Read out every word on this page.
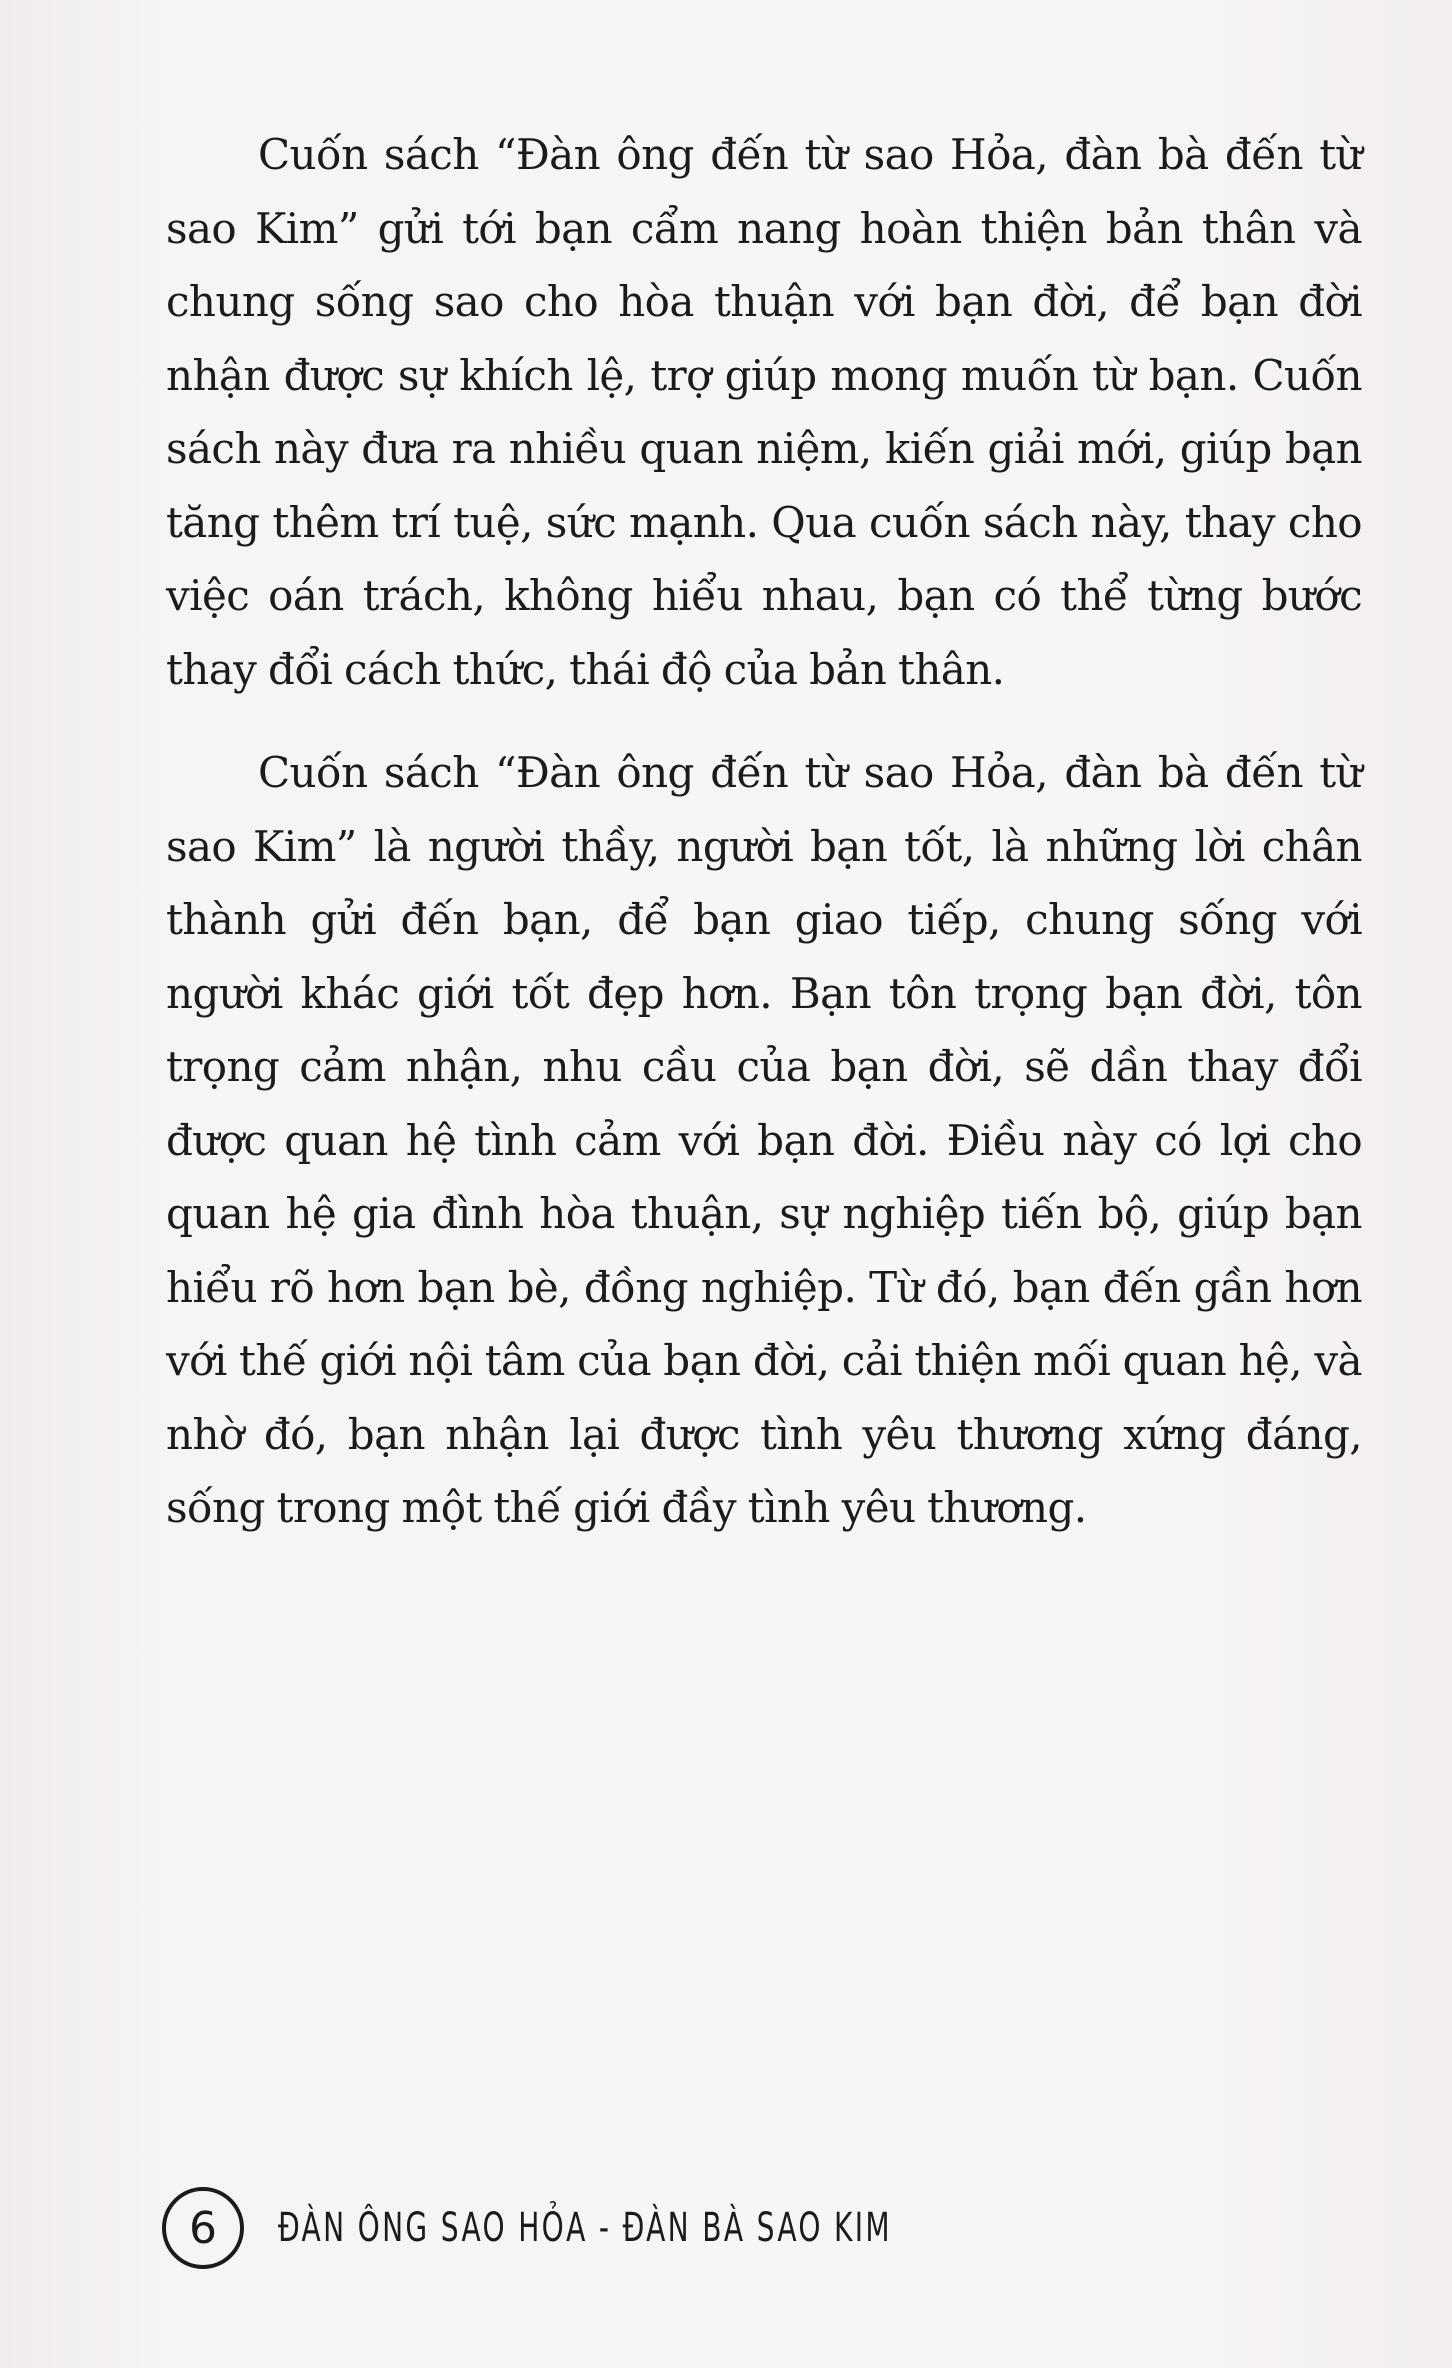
Cuốn sách “Đàn ông đến từ sao Hỏa, đàn bà đến từ sao Kim” gửi tới bạn cẩm nang hoàn thiện bản thân và chung sống sao cho hòa thuận với bạn đời, để bạn đời nhận được sự khích lệ, trợ giúp mong muốn từ bạn. Cuốn sách này đưa ra nhiều quan niệm, kiến giải mới, giúp bạn tăng thêm trí tuệ, sức mạnh. Qua cuốn sách này, thay cho việc oán trách, không hiểu nhau, bạn có thể từng bước thay đổi cách thức, thái độ của bản thân.

Cuốn sách “Đàn ông đến từ sao Hỏa, đàn bà đến từ sao Kim” là người thầy, người bạn tốt, là những lời chân thành gửi đến bạn, để bạn giao tiếp, chung sống với người khác giới tốt đẹp hơn. Bạn tôn trọng bạn đời, tôn trọng cảm nhận, nhu cầu của bạn đời, sẽ dần thay đổi được quan hệ tình cảm với bạn đời. Điều này có lợi cho quan hệ gia đình hòa thuận, sự nghiệp tiến bộ, giúp bạn hiểu rõ hơn bạn bè, đồng nghiệp. Từ đó, bạn đến gần hơn với thế giới nội tâm của bạn đời, cải thiện mối quan hệ, và nhờ đó, bạn nhận lại được tình yêu thương xứng đáng, sống trong một thế giới đầy tình yêu thương.

6	ĐÀN ÔNG SAO HỎA - ĐÀN BÀ SAO KIM
